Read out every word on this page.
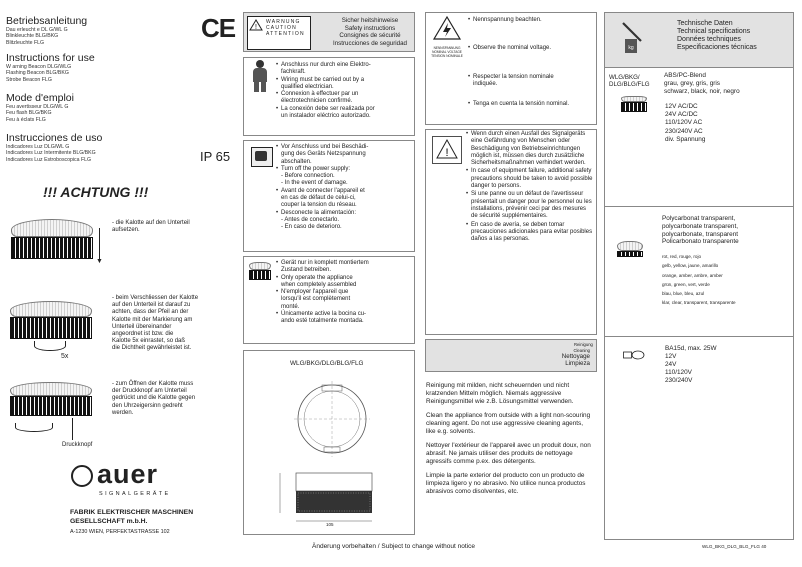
Betriebsanleitung
Dau erleucht e DL G/WL G
Blinkleuchte BLG/BKG
Blitzleuchte FLG
Instructions for use
W arning Beacon DLG/WLG
Flashing Beacon BLG/BKG
Strobe Beacon FLG
Mode d'emploi
Feu avertisseur DLG/WL G
Feu flash BLG/BKG
Feu à éclats FLG
Instrucciones de uso
Indicadores Luz DLG/WL G
Indicadores Luz Intermitente BLG/BKG
Indicadores Luz Estroboscopica FLG
CE
IP 65
!!! ACHTUNG !!!
▼
- die Kalotte auf den Unterteil
aufsetzen.
5x
- beim Verschliessen der Kalotte
auf den Unterteil ist darauf zu
achten, dass der Pfeil an der
Kalotte mit der Markierung am
Unterteil übereinander
angeordnet ist bzw. die
Kalotte 5x einrastet, so daß
die Dichtheit gewährleistet ist.
Druckknopf
- zum Öffnen der Kalotte muss
der Druckknopf am Unterteil
gedrückt und die Kalotte gegen
den Uhrzeigersinn gedreht
werden.
auer
SIGNALGERÄTE
FABRIK ELEKTRISCHER MASCHINEN
GESELLSCHAFT m.b.H.
A-1230 WIEN, PERFEKTASTRASSE 102
!
WARNUNG
CAUTION
ATTENTION
Sicher heitshinweise
Safety instructions
Consignes de sécurité
Instrucciones de seguridad
• Anschluss nur durch eine Elektro-
fachkraft.
• Wiring must be carried out by a
qualified electrician.
• Connexion à effectuer par un
électrotechnicien confirmé.
• La conexión debe ser realizada por
un instalador eléctrico autorizado.
• Vor Anschluss und bei Beschädi-
gung des Geräts Netzspannung
abschalten.
• Turn off the power supply:
- Before connection.
- In the event of damage.
• Avant de connecter l'appareil et
en cas de défaut de celui-ci,
couper la tension du réseau.
• Desconecte la alimentación:
- Antes de conectarlo.
- En caso de deterioro.
• Gerät nur in komplett montiertem
Zustand betreiben.
• Only operate the appliance
when completely assembled
• N'employer l'appareil que
lorsqu'il est complètement
monté.
• Únicamente active la bocina cu-
ando esté totalmente montada.
WLG/BKG/DLG/BLG/FLG
105
NENNSPANNUNG
NOMINAL VOLTAGE
TENSION NOMINALE
• Nennspannung beachten.
• Observe the nominal voltage.
• Respecter la tension nominale indiquée.
• Tenga en cuenta la tensión nominal.
!
• Wenn durch einen Ausfall des Signalgeräts eine Gefährdung von Menschen oder Beschädigung von Betriebseinrichtungen möglich ist, müssen dies durch zusätzliche Sicherheitsmaßnahmen verhindert werden.
• In case of equipment failure, additional safety precautions should be taken to avoid possible danger to persons.
• Si une panne ou un défaut de l'avertisseur présentait un danger pour le personnel ou les installations, prévenir ceci par des mesures de sécurité supplémentaires.
• En caso de avería, se deben tomar precauciones adicionales para evitar posibles daños a las personas.
Reinigung
Cleaning
Nettoyage
Limpieza
Reinigung mit milden, nicht scheuernden und nicht kratzenden Mitteln möglich. Niemals aggressive Reinigungsmittel wie z.B. Lösungsmittel verwenden.
Clean the appliance from outside with a light non-scouring cleaning agent. Do not use aggressive cleaning agents, like e.g. solvents.
Nettoyer l'extérieur de l'appareil avec un produit doux, non abrasif. Ne jamais utiliser des produits de nettoyage agressifs comme p.ex. des détergents.
Limpie la parte exterior del producto con un producto de limpieza ligero y no abrasivo. No utilice nunca productos abrasivos como disolventes, etc.
Änderung vorbehalten / Subject to change without notice
kg
Technische Daten
Technical specifications
Données techniques
Especificaciones técnicas
WLG/BKG/
DLG/BLG/FLG
ABS/PC-Blend
grau, grey, gris, gris
schwarz, black, noir, negro
12V AC/DC
24V AC/DC
110/120V AC
230/240V AC
div. Spannung
Polycarbonat transparent,
polycarbonate transparent,
polycarbonate, transparent
Policarbonato transparente
rot, red, rouge, rojo
gelb, yellow, jaune, amarillo
orange, amber, ambre, amber
grün, green, vert, verde
blau, blue, bleu, azul
klar, clear, transparent, transparente
BA15d, max. 25W
12V
24V
110/120V
230/240V
WLG_BKG_DLG_BLG_FLG 40
